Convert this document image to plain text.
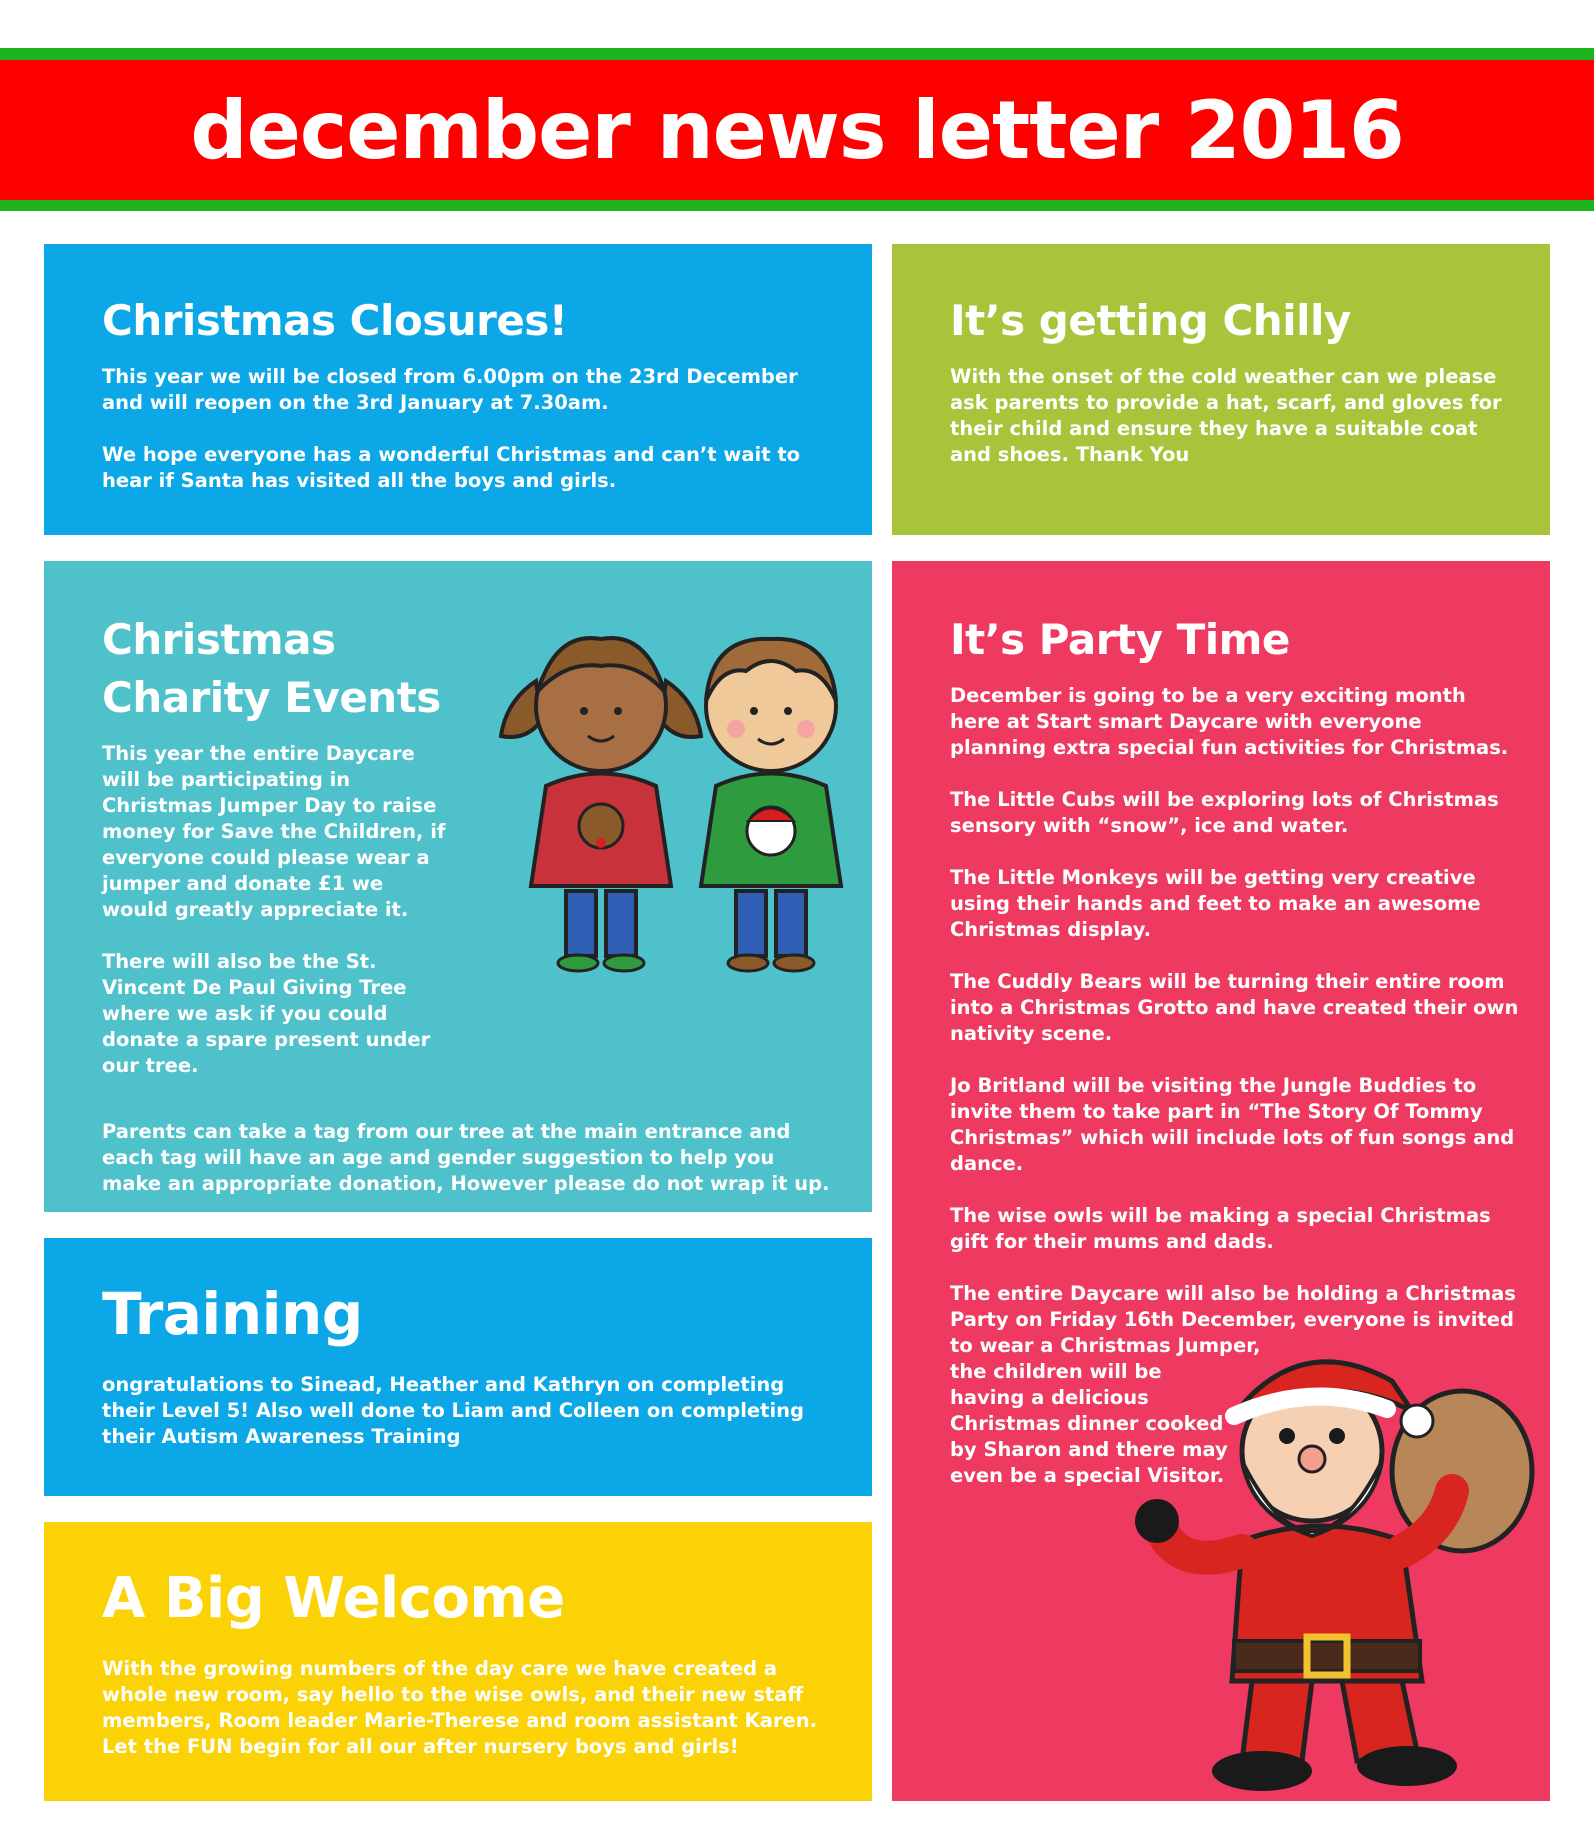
december news letter 2016
Christmas Closures!

This year we will be closed from 6.00pm on the 23rd December and will reopen on the 3rd January at 7.30am.

We hope everyone has a wonderful Christmas and can’t wait to hear if Santa has visited all the boys and girls.

It’s getting Chilly

With the onset of the cold weather can we please ask parents to provide a hat, scarf, and gloves for their child and ensure they have a suitable coat and shoes. Thank You

Christmas Charity Events

This year the entire Daycare will be participating in Christmas Jumper Day to raise money for Save the Children, if everyone could please wear a jumper and donate £1 we would greatly appreciate it.

There will also be the St. Vincent De Paul Giving Tree where we ask if you could donate a spare present under our tree.

Parents can take a tag from our tree at the main entrance and each tag will have an age and gender suggestion to help you make an appropriate donation, However please do not wrap it up.

It’s Party Time

December is going to be a very exciting month here at Start smart Daycare with everyone planning extra special fun activities for Christmas.

The Little Cubs will be exploring lots of Christmas sensory with “snow”, ice and water.

The Little Monkeys will be getting very creative using their hands and feet to make an awesome Christmas display.

The Cuddly Bears will be turning their entire room into a Christmas Grotto and have created their own nativity scene.

Jo Britland will be visiting the Jungle Buddies to invite them to take part in “The Story Of Tommy Christmas” which will include lots of fun songs and dance.

The wise owls will be making a special Christmas gift for their mums and dads.

The entire Daycare will also be holding a Christmas Party on Friday 16th December, everyone is invited to wear a Christmas Jumper,

the children will be having a delicious Christmas dinner cooked by Sharon and there may even be a special Visitor.

Training

ongratulations to Sinead, Heather and Kathryn on completing their Level 5! Also well done to Liam and Colleen on completing their Autism Awareness Training

A Big Welcome

With the growing numbers of the day care we have created a whole new room, say hello to the wise owls, and their new staff members, Room leader Marie-Therese and room assistant Karen. Let the FUN begin for all our after nursery boys and girls!
